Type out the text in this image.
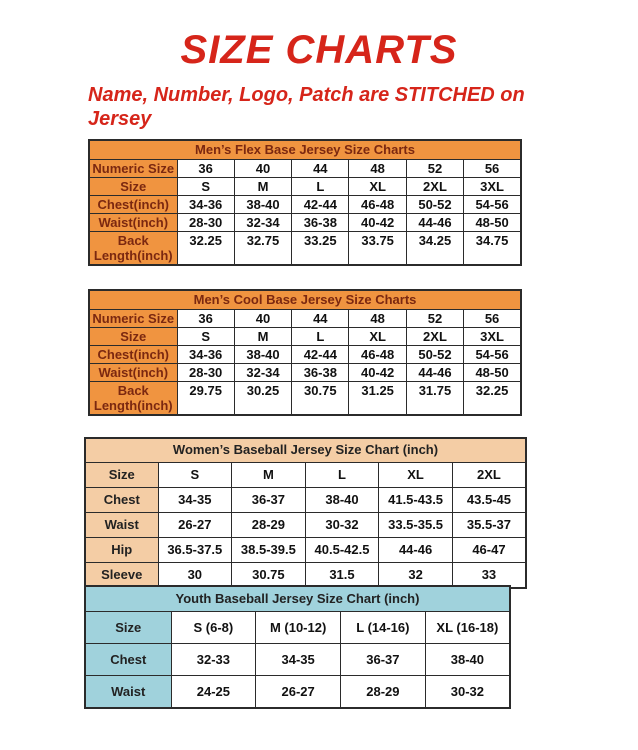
SIZE CHARTS
Name, Number, Logo, Patch are STITCHED on Jersey
Men’s Flex Base Jersey Size Charts						
Numeric Size	36	40	44	48	52	56
Size	S	M	L	XL	2XL	3XL
Chest(inch)	34-36	38-40	42-44	46-48	50-52	54-56
Waist(inch)	28-30	32-34	36-38	40-42	44-46	48-50
Back Length(inch)	32.25	32.75	33.25	33.75	34.25	34.75
Men’s Cool Base Jersey Size Charts						
Numeric Size	36	40	44	48	52	56
Size	S	M	L	XL	2XL	3XL
Chest(inch)	34-36	38-40	42-44	46-48	50-52	54-56
Waist(inch)	28-30	32-34	36-38	40-42	44-46	48-50
Back Length(inch)	29.75	30.25	30.75	31.25	31.75	32.25
Women’s Baseball Jersey Size Chart (inch)					
Size	S	M	L	XL	2XL
Chest	34-35	36-37	38-40	41.5-43.5	43.5-45
Waist	26-27	28-29	30-32	33.5-35.5	35.5-37
Hip	36.5-37.5	38.5-39.5	40.5-42.5	44-46	46-47
Sleeve	30	30.75	31.5	32	33
Youth Baseball Jersey Size Chart (inch)				
Size	S (6-8)	M (10-12)	L (14-16)	XL (16-18)
Chest	32-33	34-35	36-37	38-40
Waist	24-25	26-27	28-29	30-32
